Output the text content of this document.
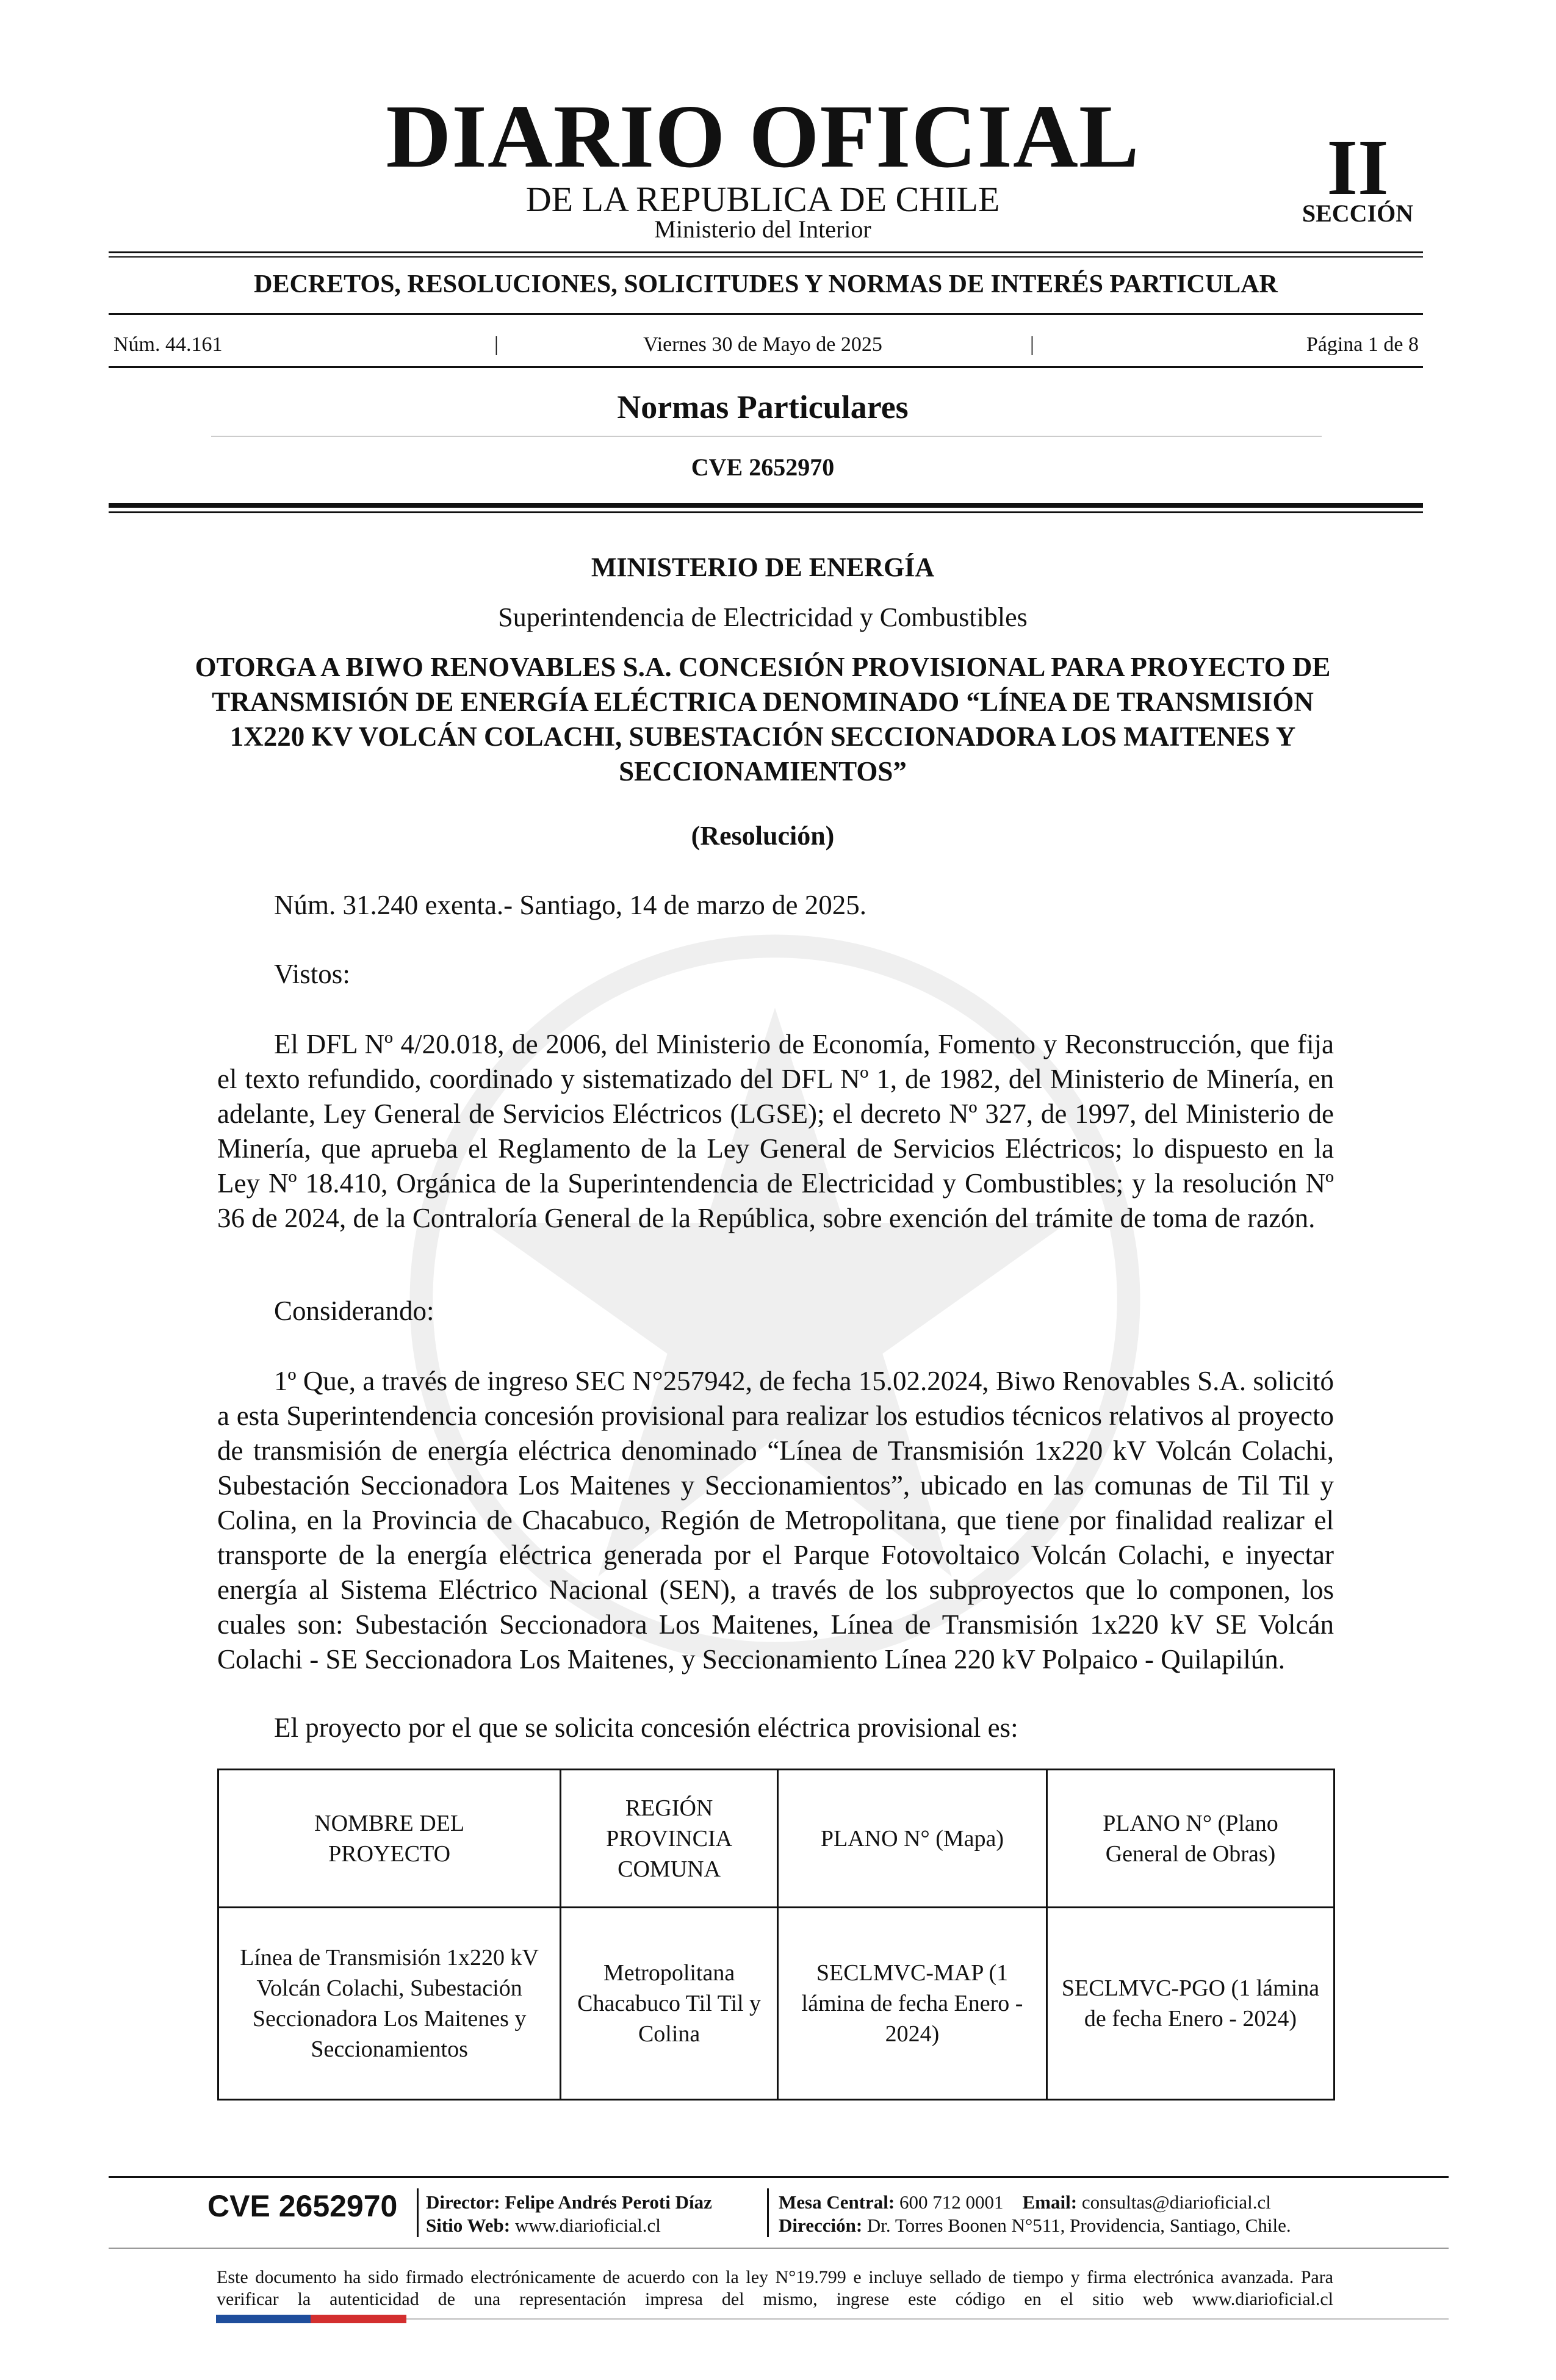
DIARIO OFICIAL
DE LA REPUBLICA DE CHILE
Ministerio del Interior
II
SECCIÓN
DECRETOS, RESOLUCIONES, SOLICITUDES Y NORMAS DE INTERÉS PARTICULAR
Núm. 44.161	|	Viernes 30 de Mayo de 2025	|	Página 1 de 8
Normas Particulares
CVE 2652970
MINISTERIO DE ENERGÍA
Superintendencia de Electricidad y Combustibles
OTORGA A BIWO RENOVABLES S.A. CONCESIÓN PROVISIONAL PARA PROYECTO DE TRANSMISIÓN DE ENERGÍA ELÉCTRICA DENOMINADO “LÍNEA DE TRANSMISIÓN 1X220 KV VOLCÁN COLACHI, SUBESTACIÓN SECCIONADORA LOS MAITENES Y SECCIONAMIENTOS”
(Resolución)
Núm. 31.240 exenta.- Santiago, 14 de marzo de 2025.
Vistos:
El DFL Nº 4/20.018, de 2006, del Ministerio de Economía, Fomento y Reconstrucción, que fija el texto refundido, coordinado y sistematizado del DFL Nº 1, de 1982, del Ministerio de Minería, en adelante, Ley General de Servicios Eléctricos (LGSE); el decreto Nº 327, de 1997, del Ministerio de Minería, que aprueba el Reglamento de la Ley General de Servicios Eléctricos; lo dispuesto en la Ley Nº 18.410, Orgánica de la Superintendencia de Electricidad y Combustibles; y la resolución Nº 36 de 2024, de la Contraloría General de la República, sobre exención del trámite de toma de razón.
Considerando:
1º Que, a través de ingreso SEC N°257942, de fecha 15.02.2024, Biwo Renovables S.A. solicitó a esta Superintendencia concesión provisional para realizar los estudios técnicos relativos al proyecto de transmisión de energía eléctrica denominado “Línea de Transmisión 1x220 kV Volcán Colachi, Subestación Seccionadora Los Maitenes y Seccionamientos”, ubicado en las comunas de Til Til y Colina, en la Provincia de Chacabuco, Región de Metropolitana, que tiene por finalidad realizar el transporte de la energía eléctrica generada por el Parque Fotovoltaico Volcán Colachi, e inyectar energía al Sistema Eléctrico Nacional (SEN), a través de los subproyectos que lo componen, los cuales son: Subestación Seccionadora Los Maitenes, Línea de Transmisión 1x220 kV SE Volcán Colachi - SE Seccionadora Los Maitenes, y Seccionamiento Línea 220 kV Polpaico - Quilapilún.
El proyecto por el que se solicita concesión eléctrica provisional es:
NOMBRE DEL PROYECTO	REGIÓN PROVINCIA COMUNA	PLANO N° (Mapa)	PLANO N° (Plano General de Obras)
Línea de Transmisión 1x220 kV Volcán Colachi, Subestación Seccionadora Los Maitenes y Seccionamientos	Metropolitana Chacabuco Til Til y Colina	SECLMVC-MAP (1 lámina de fecha Enero - 2024)	SECLMVC-PGO (1 lámina de fecha Enero - 2024)
CVE 2652970 Director: Felipe Andrés Peroti Díaz
Sitio Web: www.diarioficial.cl
Mesa Central: 600 712 0001 Email: consultas@diarioficial.cl
Dirección: Dr. Torres Boonen N°511, Providencia, Santiago, Chile.
Este documento ha sido firmado electrónicamente de acuerdo con la ley N°19.799 e incluye sellado de tiempo y firma electrónica avanzada. Para verificar la autenticidad de una representación impresa del mismo, ingrese este código en el sitio web www.diarioficial.cl
